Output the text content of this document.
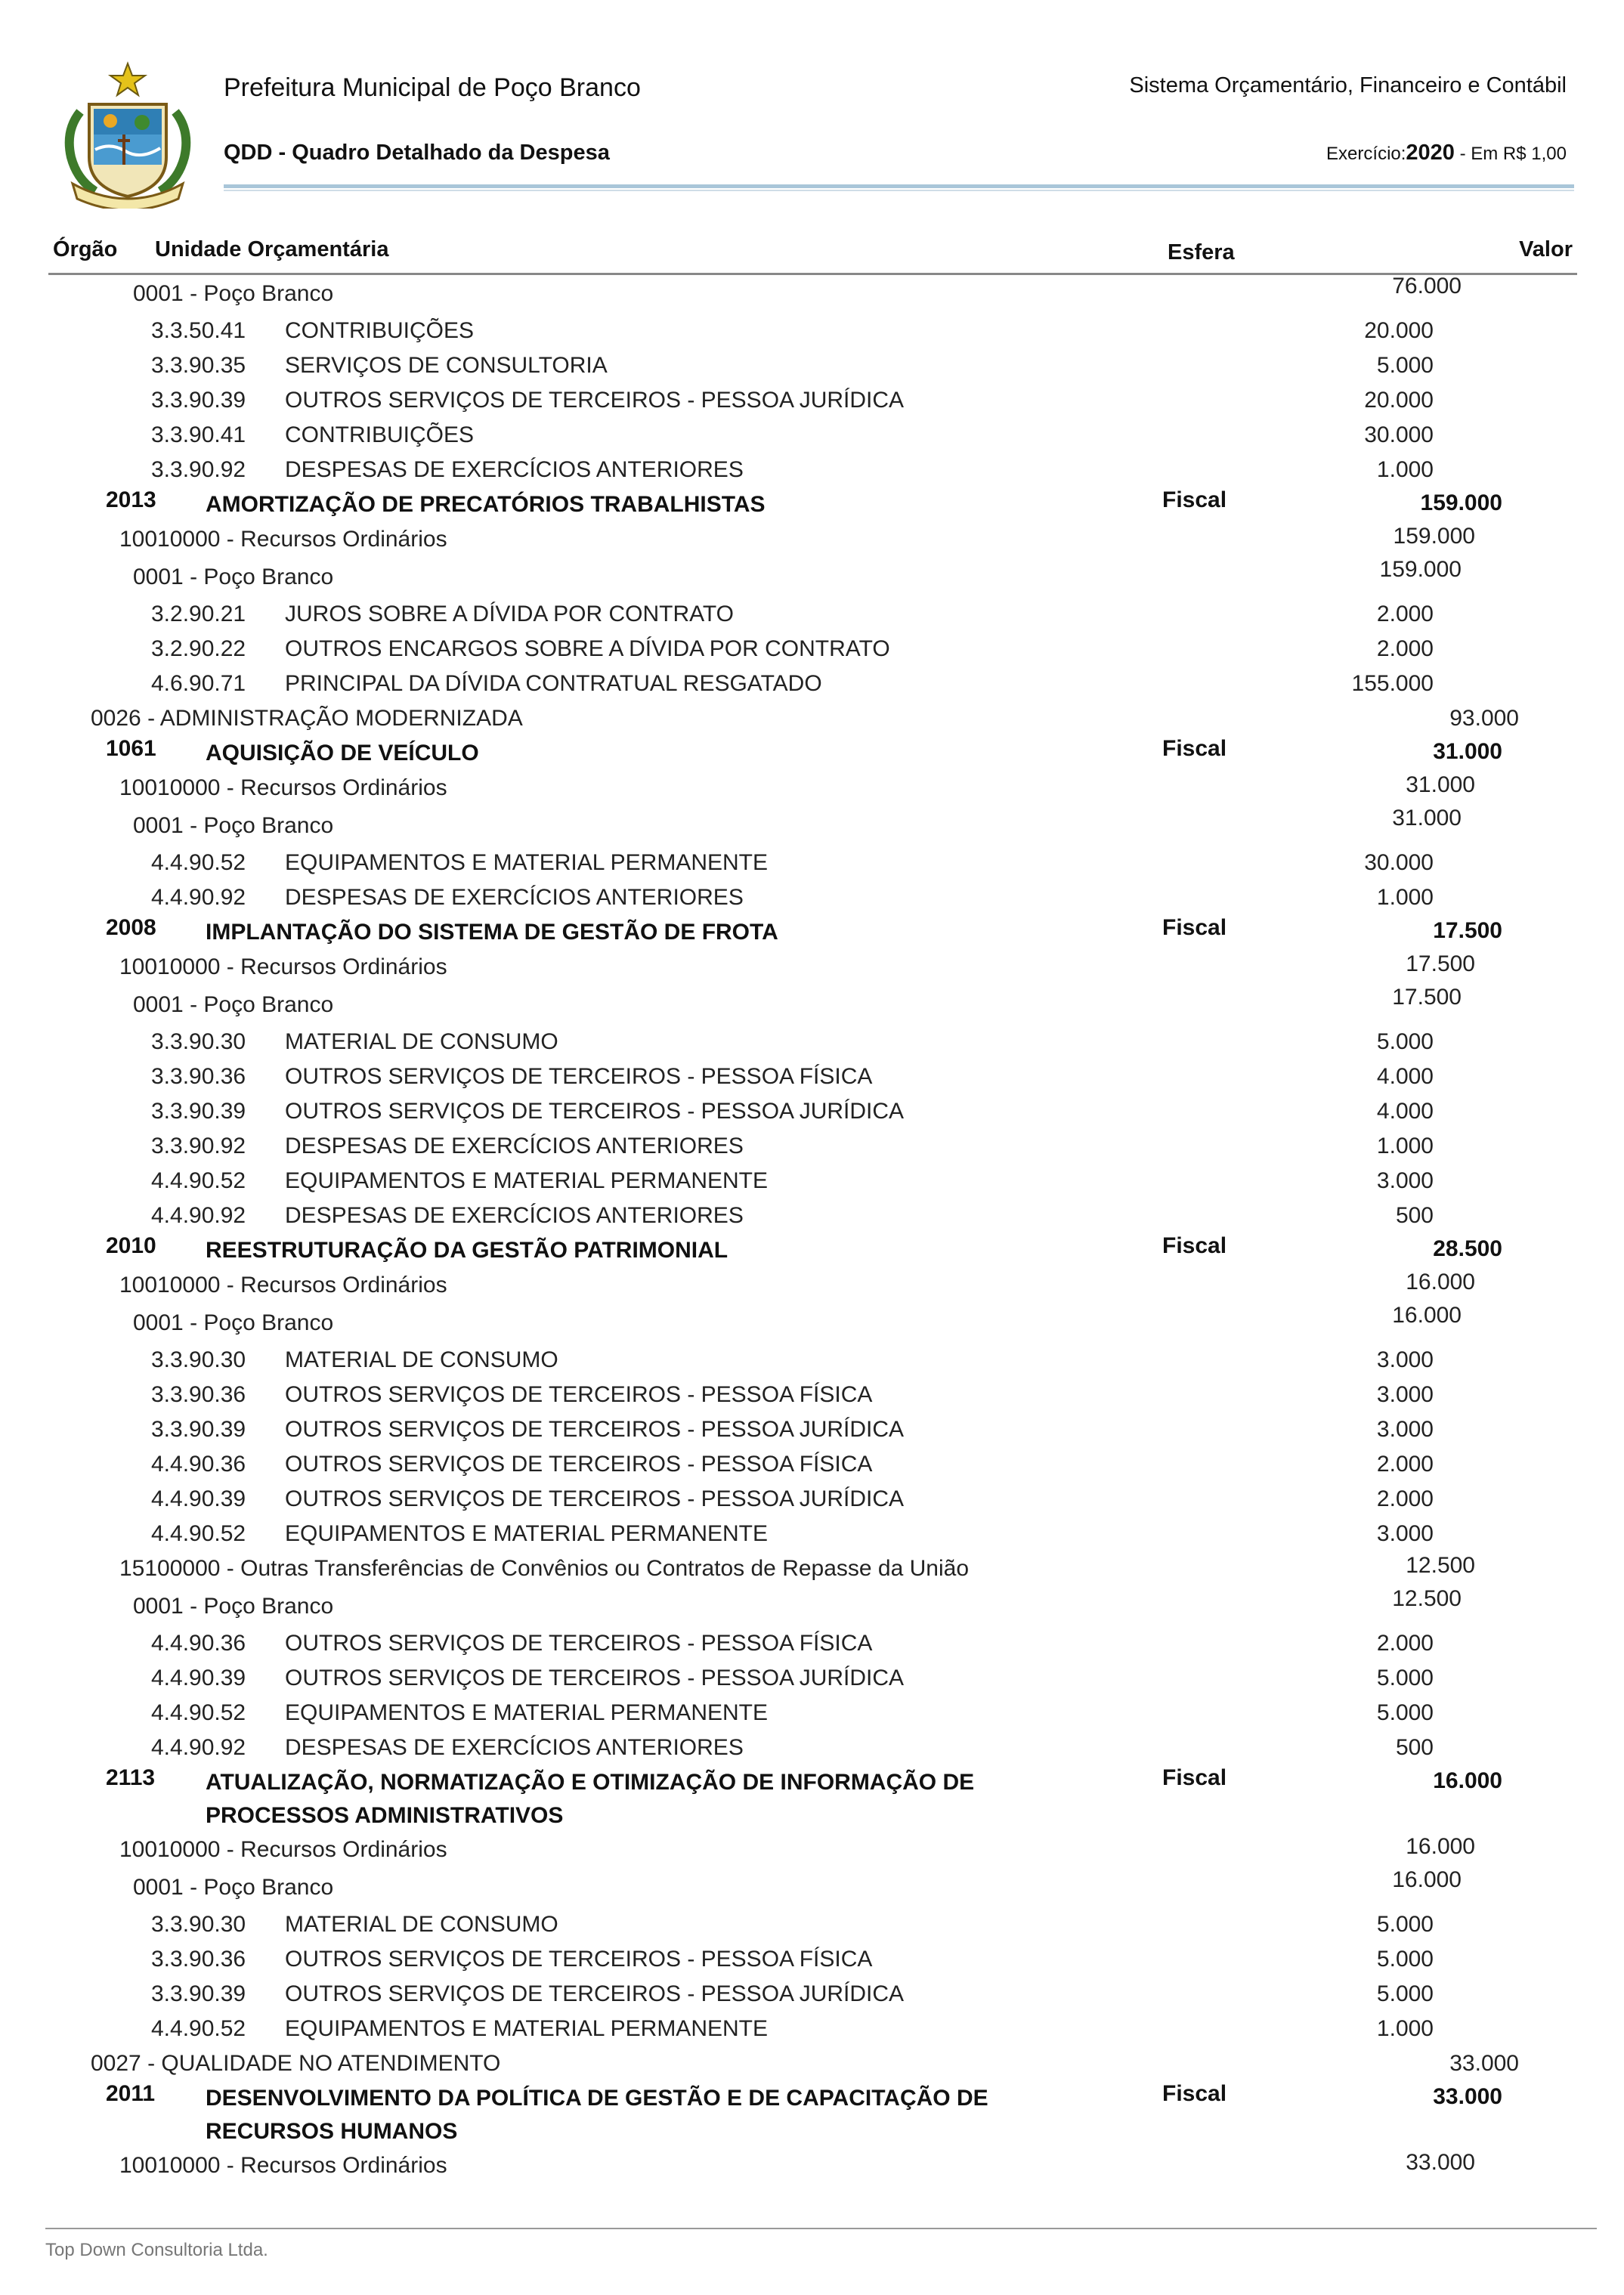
Prefeitura Municipal de Poço Branco	Sistema Orçamentário, Financeiro e Contábil
QDD - Quadro Detalhado da Despesa	Exercício:2020 - Em R$ 1,00
Órgão Unidade Orçamentária	Esfera	Valor
0001 - Poço Branco	76.000
3.3.50.41 CONTRIBUIÇÕES	20.000
3.3.90.35 SERVIÇOS DE CONSULTORIA	5.000
3.3.90.39 OUTROS SERVIÇOS DE TERCEIROS - PESSOA JURÍDICA	20.000
3.3.90.41 CONTRIBUIÇÕES	30.000
3.3.90.92 DESPESAS DE EXERCÍCIOS ANTERIORES	1.000
2013 AMORTIZAÇÃO DE PRECATÓRIOS TRABALHISTAS	Fiscal	159.000
10010000 - Recursos Ordinários	159.000
0001 - Poço Branco	159.000
3.2.90.21 JUROS SOBRE A DÍVIDA POR CONTRATO	2.000
3.2.90.22 OUTROS ENCARGOS SOBRE A DÍVIDA POR CONTRATO	2.000
4.6.90.71 PRINCIPAL DA DÍVIDA CONTRATUAL RESGATADO	155.000
0026 - ADMINISTRAÇÃO MODERNIZADA	93.000
1061 AQUISIÇÃO DE VEÍCULO	Fiscal	31.000
10010000 - Recursos Ordinários	31.000
0001 - Poço Branco	31.000
4.4.90.52 EQUIPAMENTOS E MATERIAL PERMANENTE	30.000
4.4.90.92 DESPESAS DE EXERCÍCIOS ANTERIORES	1.000
2008 IMPLANTAÇÃO DO SISTEMA DE GESTÃO DE FROTA	Fiscal	17.500
10010000 - Recursos Ordinários	17.500
0001 - Poço Branco	17.500
3.3.90.30 MATERIAL DE CONSUMO	5.000
3.3.90.36 OUTROS SERVIÇOS DE TERCEIROS - PESSOA FÍSICA	4.000
3.3.90.39 OUTROS SERVIÇOS DE TERCEIROS - PESSOA JURÍDICA	4.000
3.3.90.92 DESPESAS DE EXERCÍCIOS ANTERIORES	1.000
4.4.90.52 EQUIPAMENTOS E MATERIAL PERMANENTE	3.000
4.4.90.92 DESPESAS DE EXERCÍCIOS ANTERIORES	500
2010 REESTRUTURAÇÃO DA GESTÃO PATRIMONIAL	Fiscal	28.500
10010000 - Recursos Ordinários	16.000
0001 - Poço Branco	16.000
3.3.90.30 MATERIAL DE CONSUMO	3.000
3.3.90.36 OUTROS SERVIÇOS DE TERCEIROS - PESSOA FÍSICA	3.000
3.3.90.39 OUTROS SERVIÇOS DE TERCEIROS - PESSOA JURÍDICA	3.000
4.4.90.36 OUTROS SERVIÇOS DE TERCEIROS - PESSOA FÍSICA	2.000
4.4.90.39 OUTROS SERVIÇOS DE TERCEIROS - PESSOA JURÍDICA	2.000
4.4.90.52 EQUIPAMENTOS E MATERIAL PERMANENTE	3.000
15100000 - Outras Transferências de Convênios ou Contratos de Repasse da União	12.500
0001 - Poço Branco	12.500
4.4.90.36 OUTROS SERVIÇOS DE TERCEIROS - PESSOA FÍSICA	2.000
4.4.90.39 OUTROS SERVIÇOS DE TERCEIROS - PESSOA JURÍDICA	5.000
4.4.90.52 EQUIPAMENTOS E MATERIAL PERMANENTE	5.000
4.4.90.92 DESPESAS DE EXERCÍCIOS ANTERIORES	500
2113 ATUALIZAÇÃO, NORMATIZAÇÃO E OTIMIZAÇÃO DE INFORMAÇÃO DE
PROCESSOS ADMINISTRATIVOS
Fiscal	16.000
10010000 - Recursos Ordinários	16.000
0001 - Poço Branco	16.000
3.3.90.30 MATERIAL DE CONSUMO	5.000
3.3.90.36 OUTROS SERVIÇOS DE TERCEIROS - PESSOA FÍSICA	5.000
3.3.90.39 OUTROS SERVIÇOS DE TERCEIROS - PESSOA JURÍDICA	5.000
4.4.90.52 EQUIPAMENTOS E MATERIAL PERMANENTE	1.000
0027 - QUALIDADE NO ATENDIMENTO	33.000
2011 DESENVOLVIMENTO DA POLÍTICA DE GESTÃO E DE CAPACITAÇÃO DE
RECURSOS HUMANOS
Fiscal	33.000
10010000 - Recursos Ordinários	33.000
Top Down Consultoria Ltda.
